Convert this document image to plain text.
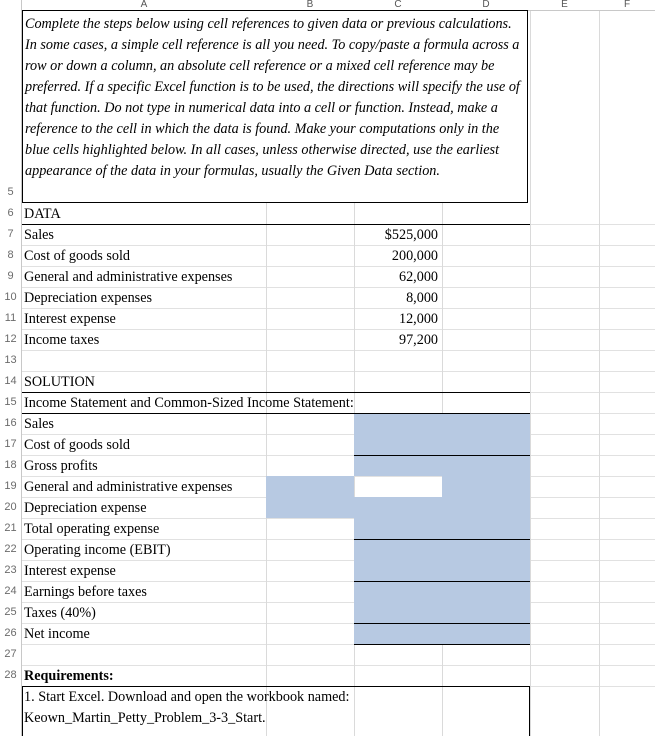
5
6
7
8
9
10
11
12
13
14
15
16
17
18
19
20
21
22
23
24
25
26
27
28
A	B	C	D	E	F
Complete the steps below using cell references to given data or previous calculations. In some cases, a simple cell reference is all you need. To copy/paste a formula across a row or down a column, an absolute cell reference or a mixed cell reference may be preferred. If a specific Excel function is to be used, the directions will specify the use of that function. Do not type in numerical data into a cell or function. Instead, make a reference to the cell in which the data is found. Make your computations only in the blue cells highlighted below. In all cases, unless otherwise directed, use the earliest appearance of the data in your formulas, usually the Given Data section.
DATA
Sales	$525,000
Cost of goods sold	200,000
General and administrative expenses	62,000
Depreciation expenses	8,000
Interest expense	12,000
Income taxes	97,200
SOLUTION
Income Statement and Common-Sized Income Statement:
Sales
Cost of goods sold
Gross profits
General and administrative expenses
Depreciation expense
Total operating expense
Operating income (EBIT)
Interest expense
Earnings before taxes
Taxes (40%)
Net income
Requirements:
1. Start Excel. Download and open the workbook named:
Keown_Martin_Petty_Problem_3-3_Start.
